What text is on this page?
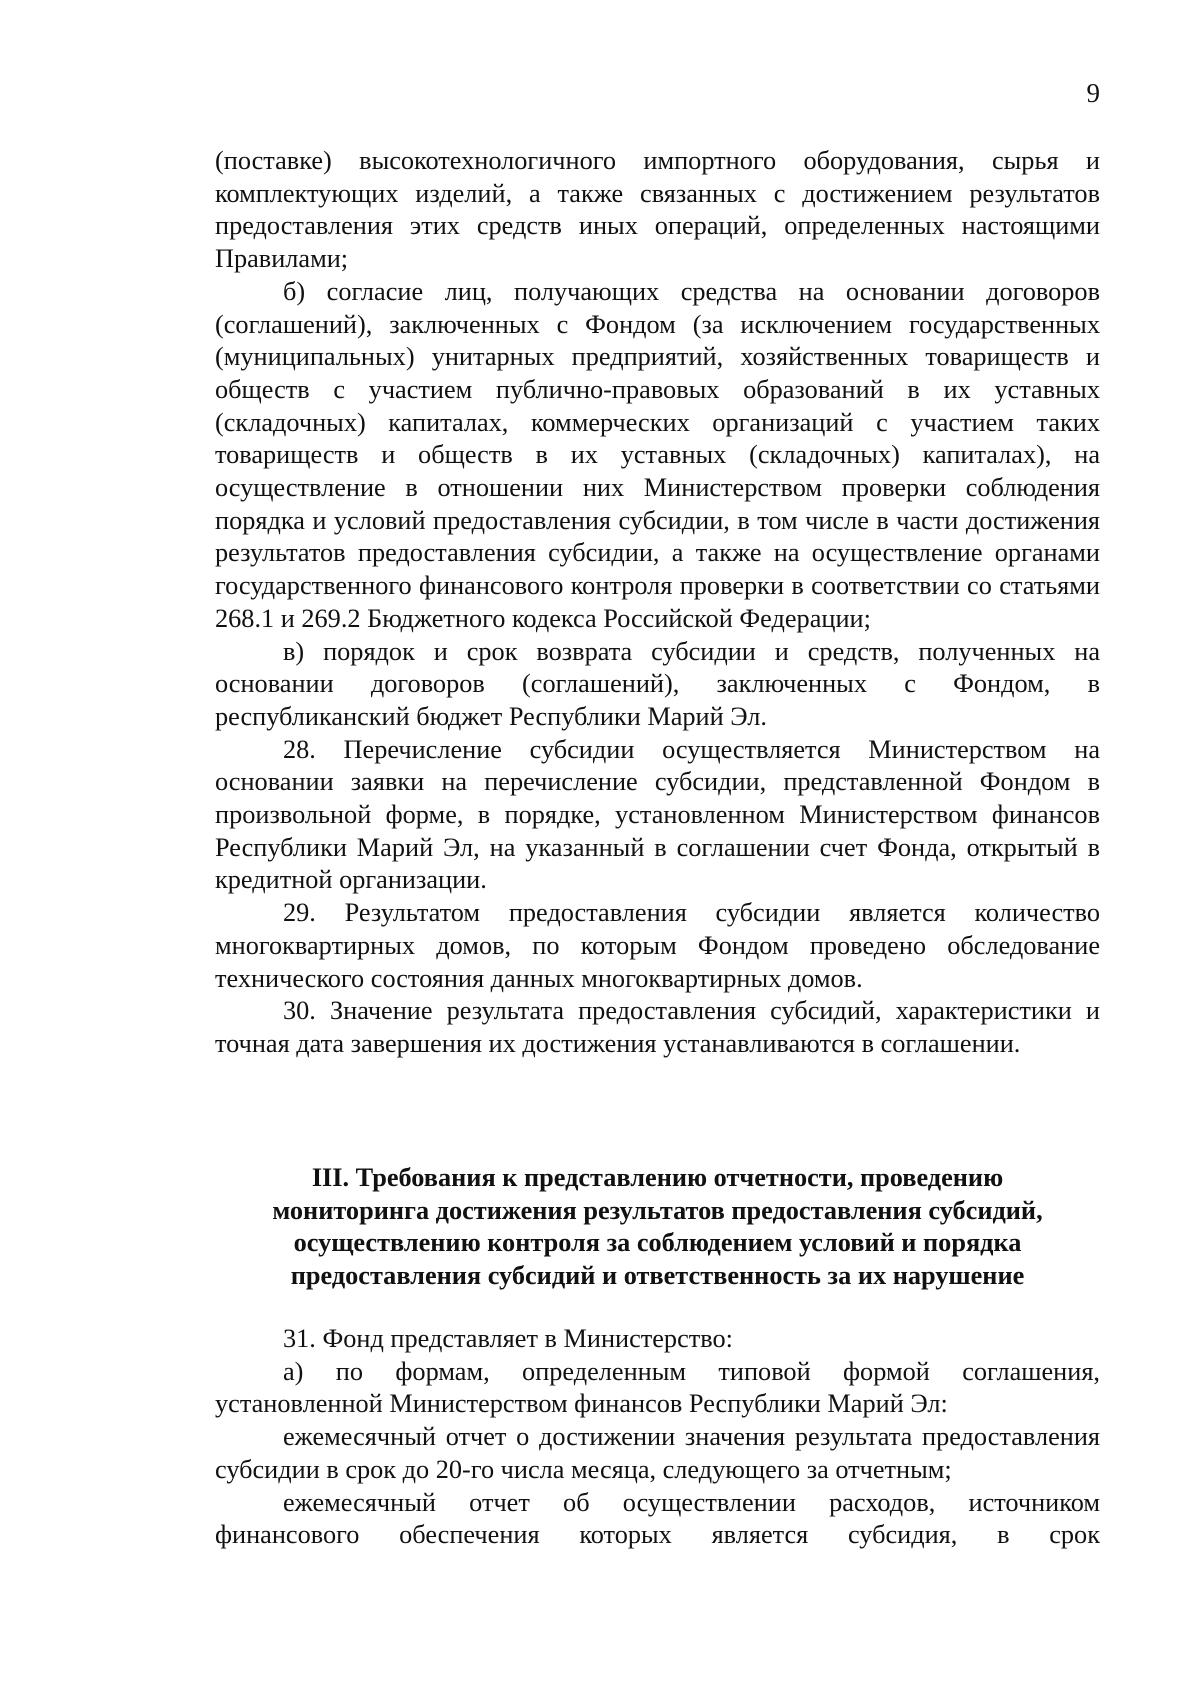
9

(поставке) высокотехнологичного импортного оборудования, сырья и комплектующих изделий, а также связанных с достижением результатов предоставления этих средств иных операций, определенных настоящими Правилами;

б) согласие лиц, получающих средства на основании договоров (соглашений), заключенных с Фондом (за исключением государственных (муниципальных) унитарных предприятий, хозяйственных товариществ и обществ с участием публично-правовых образований в их уставных (складочных) капиталах, коммерческих организаций с участием таких товариществ и обществ в их уставных (складочных) капиталах), на осуществление в отношении них Министерством проверки соблюдения порядка и условий предоставления субсидии, в том числе в части достижения результатов предоставления субсидии, а также на осуществление органами государственного финансового контроля проверки в соответствии со статьями 268.1 и 269.2 Бюджетного кодекса Российской Федерации;

в) порядок и срок возврата субсидии и средств, полученных на основании договоров (соглашений), заключенных с Фондом, в республиканский бюджет Республики Марий Эл.

28. Перечисление субсидии осуществляется Министерством на основании заявки на перечисление субсидии, представленной Фондом в произвольной форме, в порядке, установленном Министерством финансов Республики Марий Эл, на указанный в соглашении счет Фонда, открытый в кредитной организации.

29. Результатом предоставления субсидии является количество многоквартирных домов, по которым Фондом проведено обследование технического состояния данных многоквартирных домов.

30. Значение результата предоставления субсидий, характеристики и точная дата завершения их достижения устанавливаются в соглашении.

III. Требования к представлению отчетности, проведению
мониторинга достижения результатов предоставления субсидий,
осуществлению контроля за соблюдением условий и порядка
предоставления субсидий и ответственность за их нарушение

31. Фонд представляет в Министерство:

а) по формам, определенным типовой формой соглашения, установленной Министерством финансов Республики Марий Эл:

ежемесячный отчет о достижении значения результата предоставления субсидии в срок до 20-го числа месяца, следующего за отчетным;

ежемесячный отчет об осуществлении расходов, источником финансового обеспечения которых является субсидия, в срок
